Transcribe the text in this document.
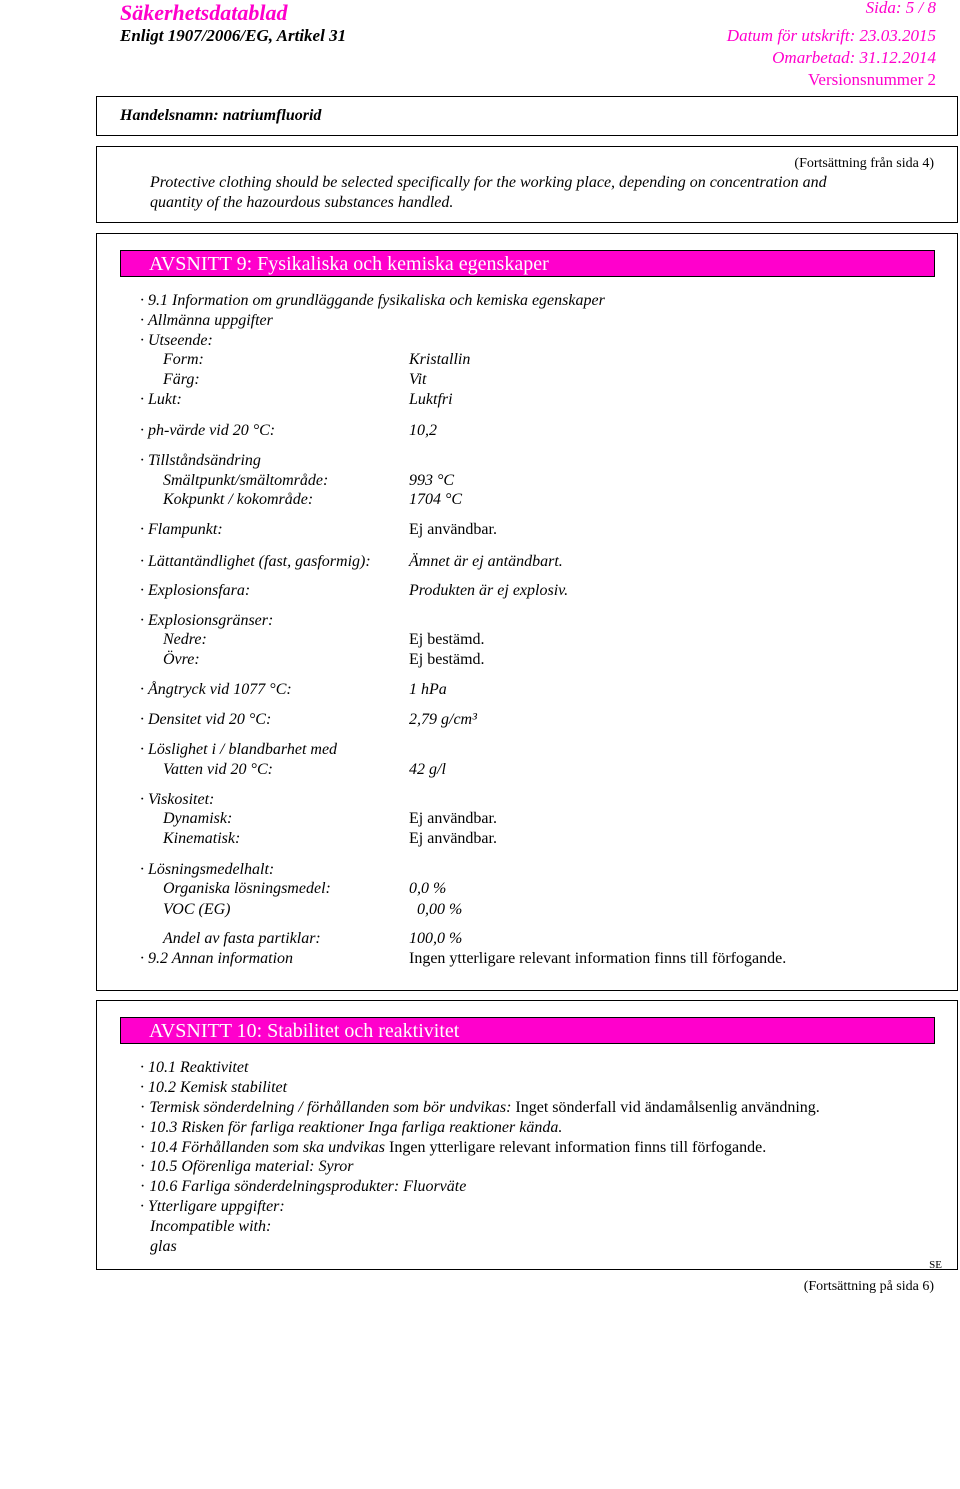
Säkerhetsdatablad	Sida: 5 / 8
Enligt 1907/2006/EG, Artikel 31	Datum för utskrift: 23.03.2015
Omarbetad: 31.12.2014
Versionsnummer 2
Handelsnamn: natriumfluorid
(Fortsättning från sida 4)
Protective clothing should be selected specifically for the working place, depending on concentration and
quantity of the hazourdous substances handled.
AVSNITT 9: Fysikaliska och kemiska egenskaper
· 9.1 Information om grundläggande fysikaliska och kemiska egenskaper
· Allmänna uppgifter
· Utseende:
Form:	Kristallin
Färg:	Vit
· Lukt:	Luktfri
· ph-värde vid 20 °C:	10,2
· Tillståndsändring
Smältpunkt/smältområde:	993 °C
Kokpunkt / kokområde:	1704 °C
· Flampunkt:	Ej användbar.
· Lättantändlighet (fast, gasformig): Ämnet är ej antändbart.
· Explosionsfara:	Produkten är ej explosiv.
· Explosionsgränser:
Nedre:	Ej bestämd.
Övre:	Ej bestämd.
· Ångtryck vid 1077 °C:	1 hPa
· Densitet vid 20 °C:	2,79 g/cm³
· Löslighet i / blandbarhet med
Vatten vid 20 °C:	42 g/l
· Viskositet:
Dynamisk:	Ej användbar.
Kinematisk:	Ej användbar.
· Lösningsmedelhalt:
Organiska lösningsmedel:	0,0 %
VOC (EG)	0,00 %
Andel av fasta partiklar:	100,0 %
· 9.2 Annan information	Ingen ytterligare relevant information finns till förfogande.
AVSNITT 10: Stabilitet och reaktivitet
· 10.1 Reaktivitet
· 10.2 Kemisk stabilitet
· Termisk sönderdelning / förhållanden som bör undvikas: Inget sönderfall vid ändamålsenlig användning.
· 10.3 Risken för farliga reaktioner Inga farliga reaktioner kända.
· 10.4 Förhållanden som ska undvikas Ingen ytterligare relevant information finns till förfogande.
· 10.5 Oförenliga material: Syror
· 10.6 Farliga sönderdelningsprodukter: Fluorväte
· Ytterligare uppgifter:
Incompatible with:
glas
SE
(Fortsättning på sida 6)
